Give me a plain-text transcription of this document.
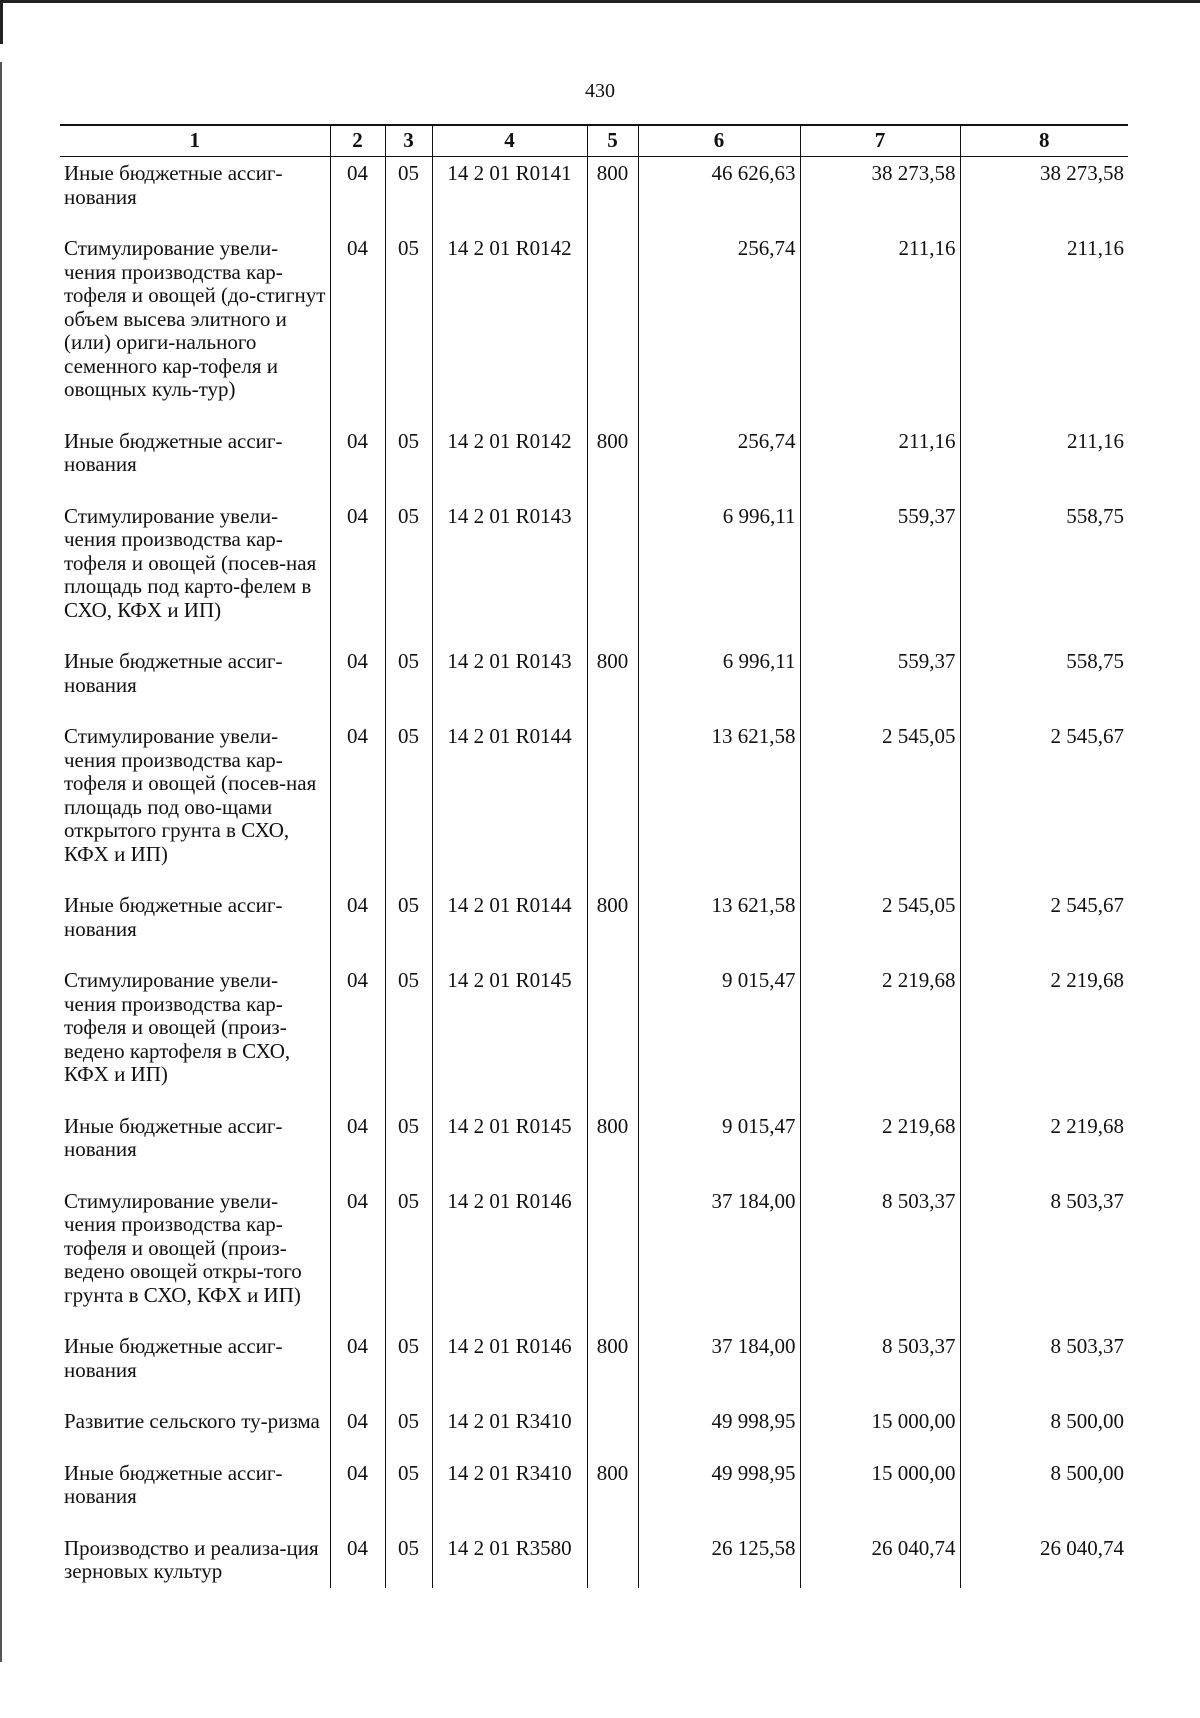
430
1	2	3	4	5	6	7	8
Иные бюджетные ассиг-нования	04	05	14 2 01 R0141	800	46 626,63	38 273,58	38 273,58
Стимулирование увели-чения производства кар-тофеля и овощей (до-стигнут объем высева элитного и (или) ориги-нального семенного кар-тофеля и овощных куль-тур)	04	05	14 2 01 R0142		256,74	211,16	211,16
Иные бюджетные ассиг-нования	04	05	14 2 01 R0142	800	256,74	211,16	211,16
Стимулирование увели-чения производства кар-тофеля и овощей (посев-ная площадь под карто-фелем в СХО, КФХ и ИП)	04	05	14 2 01 R0143		6 996,11	559,37	558,75
Иные бюджетные ассиг-нования	04	05	14 2 01 R0143	800	6 996,11	559,37	558,75
Стимулирование увели-чения производства кар-тофеля и овощей (посев-ная площадь под ово-щами открытого грунта в СХО, КФХ и ИП)	04	05	14 2 01 R0144		13 621,58	2 545,05	2 545,67
Иные бюджетные ассиг-нования	04	05	14 2 01 R0144	800	13 621,58	2 545,05	2 545,67
Стимулирование увели-чения производства кар-тофеля и овощей (произ-ведено картофеля в СХО, КФХ и ИП)	04	05	14 2 01 R0145		9 015,47	2 219,68	2 219,68
Иные бюджетные ассиг-нования	04	05	14 2 01 R0145	800	9 015,47	2 219,68	2 219,68
Стимулирование увели-чения производства кар-тофеля и овощей (произ-ведено овощей откры-того грунта в СХО, КФХ и ИП)	04	05	14 2 01 R0146		37 184,00	8 503,37	8 503,37
Иные бюджетные ассиг-нования	04	05	14 2 01 R0146	800	37 184,00	8 503,37	8 503,37
Развитие сельского ту-ризма	04	05	14 2 01 R3410		49 998,95	15 000,00	8 500,00
Иные бюджетные ассиг-нования	04	05	14 2 01 R3410	800	49 998,95	15 000,00	8 500,00
Производство и реализа-ция зерновых культур	04	05	14 2 01 R3580		26 125,58	26 040,74	26 040,74
